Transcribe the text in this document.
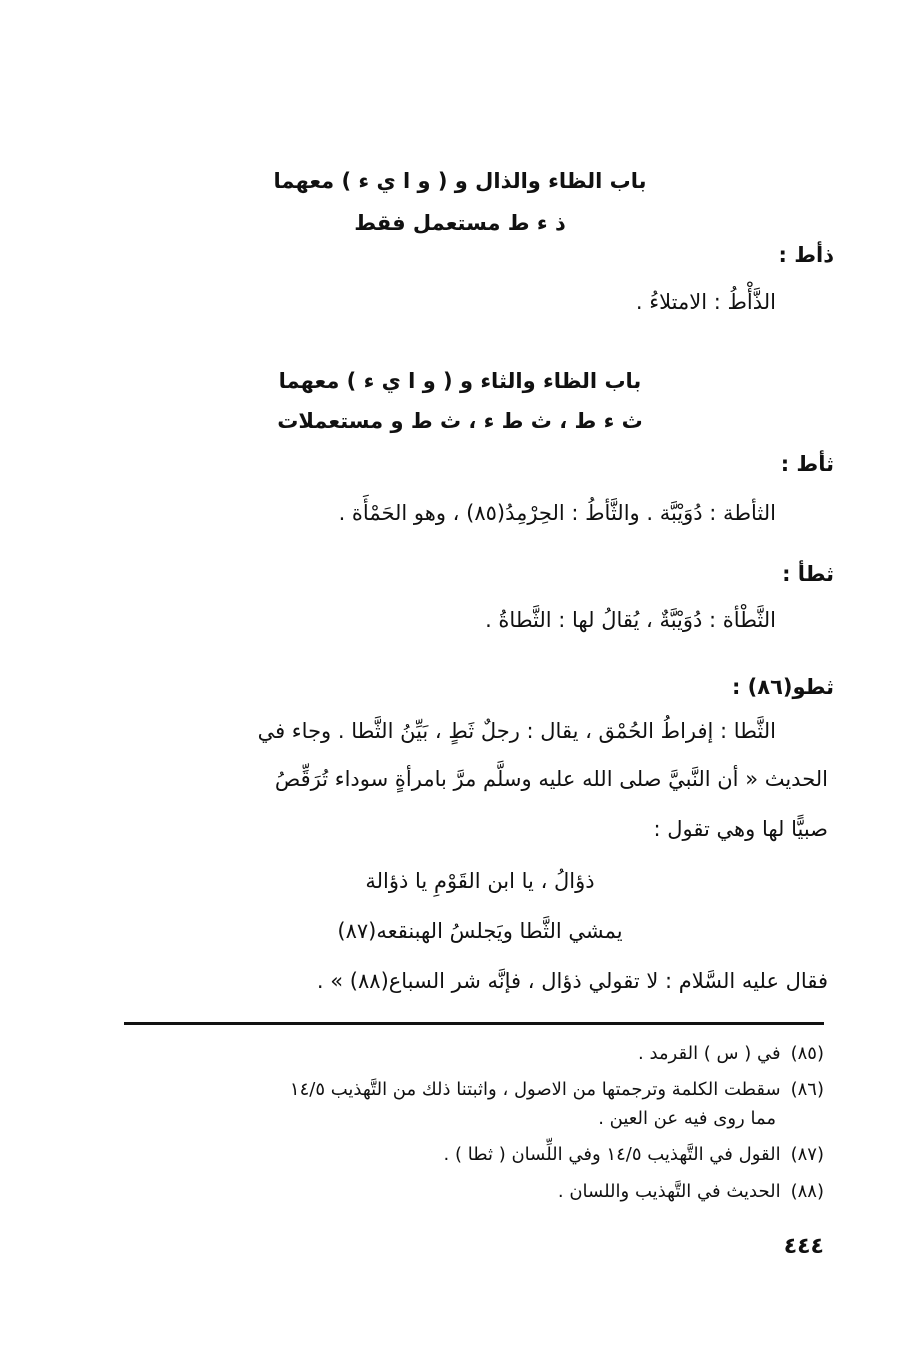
باب الظاء والذال و ( و ا ي ء ) معهما
ذ ء ط مستعمل فقط
ذأط :
الذَّأْطُ : الامتلاءُ .
باب الظاء والثاء و ( و ا ي ء ) معهما
ث ء ط ، ث ط ء ، ث ط و مستعملات
ثأط :
الثأطة : دُوَيْبَّة . والثَّأطُ : الحِرْمِدُ(٨٥) ، وهو الحَمْأَة .
ثطأ :
الثَّطْأة : دُوَيْبَّةٌ ، يُقالُ لها : الثَّطاةُ .
ثطو(٨٦) :
الثَّطا : إفراطُ الحُمْق ، يقال : رجلٌ ثَطٍ ، بَيِّنُ الثَّطا . وجاء في
الحديث « أن النَّبيَّ صلى الله عليه وسلَّم مرَّ بامرأةٍ سوداء تُرَقِّصُ
صبيًّا لها وهي تقول :
ذؤالُ ، يا ابن القَوْمِ يا ذؤالة
يمشي الثَّطا ويَجلسُ الهبنقعه(٨٧)
فقال عليه السَّلام : لا تقولي ذؤال ، فإنَّه شر السباع(٨٨) » .
(٨٥)في ( س ) القرمد .
(٨٦)سقطت الكلمة وترجمتها من الاصول ، واثبتنا ذلك من التَّهذيب ١٤/٥
مما روى فيه عن العين .
(٨٧)القول في التَّهذيب ١٤/٥ وفي اللِّسان ( ثطا ) .
(٨٨)الحديث في التَّهذيب واللسان .
٤٤٤
